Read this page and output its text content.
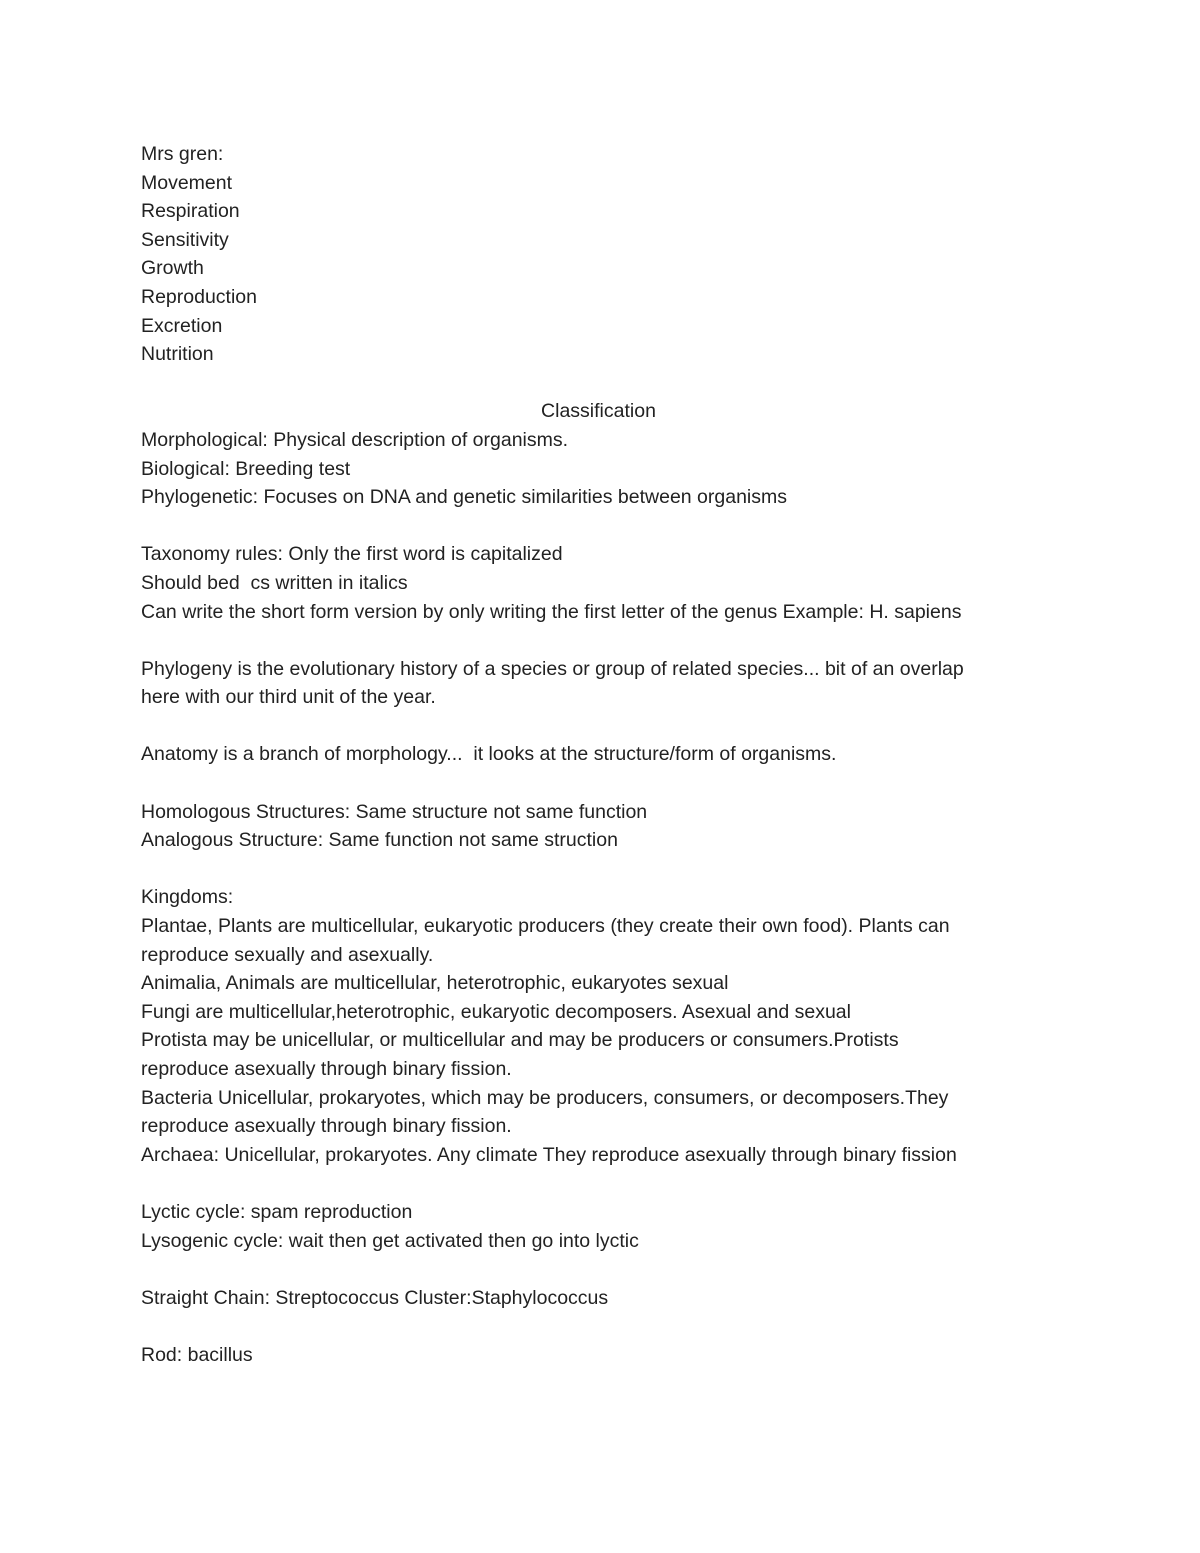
Mrs gren:
Movement
Respiration
Sensitivity
Growth
Reproduction
Excretion
Nutrition
Classification
Morphological: Physical description of organisms.
Biological: Breeding test
Phylogenetic: Focuses on DNA and genetic similarities between organisms
Taxonomy rules: Only the first word is capitalized
Should bed  cs written in italics
Can write the short form version by only writing the first letter of the genus Example: H. sapiens
Phylogeny is the evolutionary history of a species or group of related species... bit of an overlap
here with our third unit of the year.
Anatomy is a branch of morphology...  it looks at the structure/form of organisms.
Homologous Structures: Same structure not same function
Analogous Structure: Same function not same struction
Kingdoms:
Plantae, Plants are multicellular, eukaryotic producers (they create their own food). Plants can
reproduce sexually and asexually.
Animalia, Animals are multicellular, heterotrophic, eukaryotes sexual
Fungi are multicellular,heterotrophic, eukaryotic decomposers. Asexual and sexual
Protista may be unicellular, or multicellular and may be producers or consumers.Protists
reproduce asexually through binary fission.
Bacteria Unicellular, prokaryotes, which may be producers, consumers, or decomposers.They
reproduce asexually through binary fission.
Archaea: Unicellular, prokaryotes. Any climate They reproduce asexually through binary fission
Lyctic cycle: spam reproduction
Lysogenic cycle: wait then get activated then go into lyctic
Straight Chain: Streptococcus Cluster:Staphylococcus
Rod: bacillus
